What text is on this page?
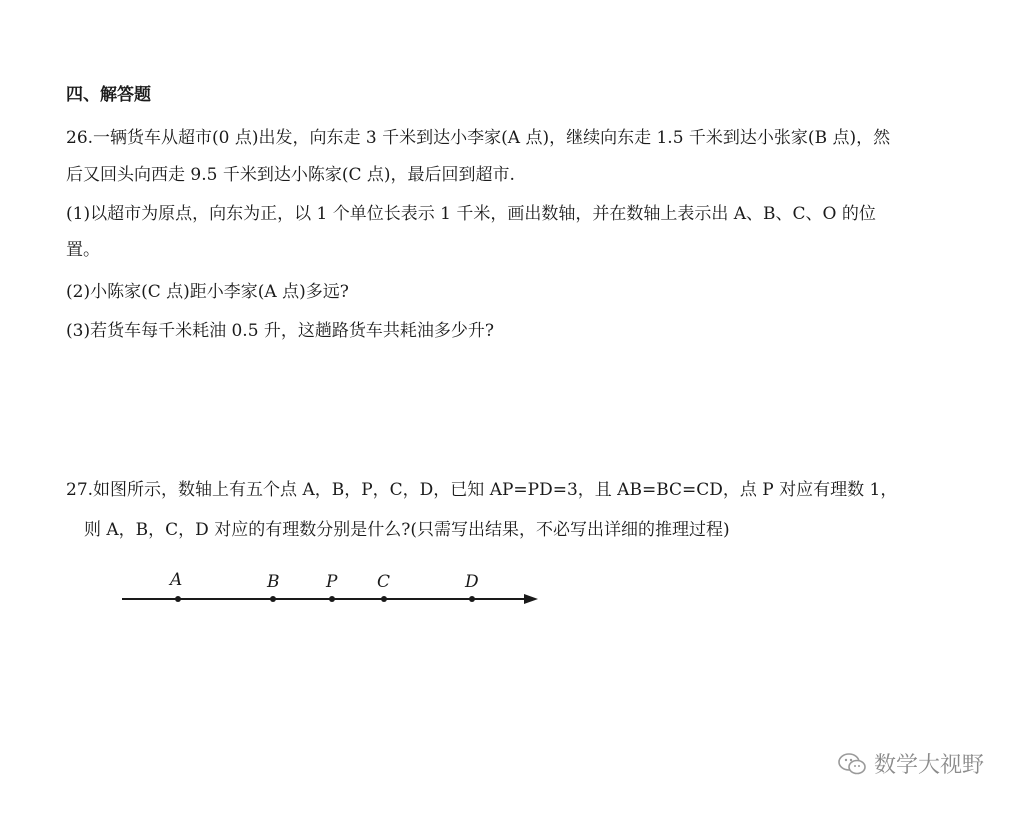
四、解答题
26.一辆货车从超市(0 点)出发，向东走 3 千米到达小李家(A 点)，继续向东走 1.5 千米到达小张家(B 点)，然
后又回头向西走 9.5 千米到达小陈家(C 点)，最后回到超市.
(1)以超市为原点，向东为正，以 1 个单位长表示 1 千米，画出数轴，并在数轴上表示出 A、B、C、O 的位
置。
(2)小陈家(C 点)距小李家(A 点)多远?
(3)若货车每千米耗油 0.5 升，这趟路货车共耗油多少升?
27.如图所示，数轴上有五个点 A，B，P，C，D，已知 AP=PD=3，且 AB=BC=CD，点 P 对应有理数 1，
则 A，B，C，D 对应的有理数分别是什么?(只需写出结果，不必写出详细的推理过程)
A	B	P C	D
数学大视野
